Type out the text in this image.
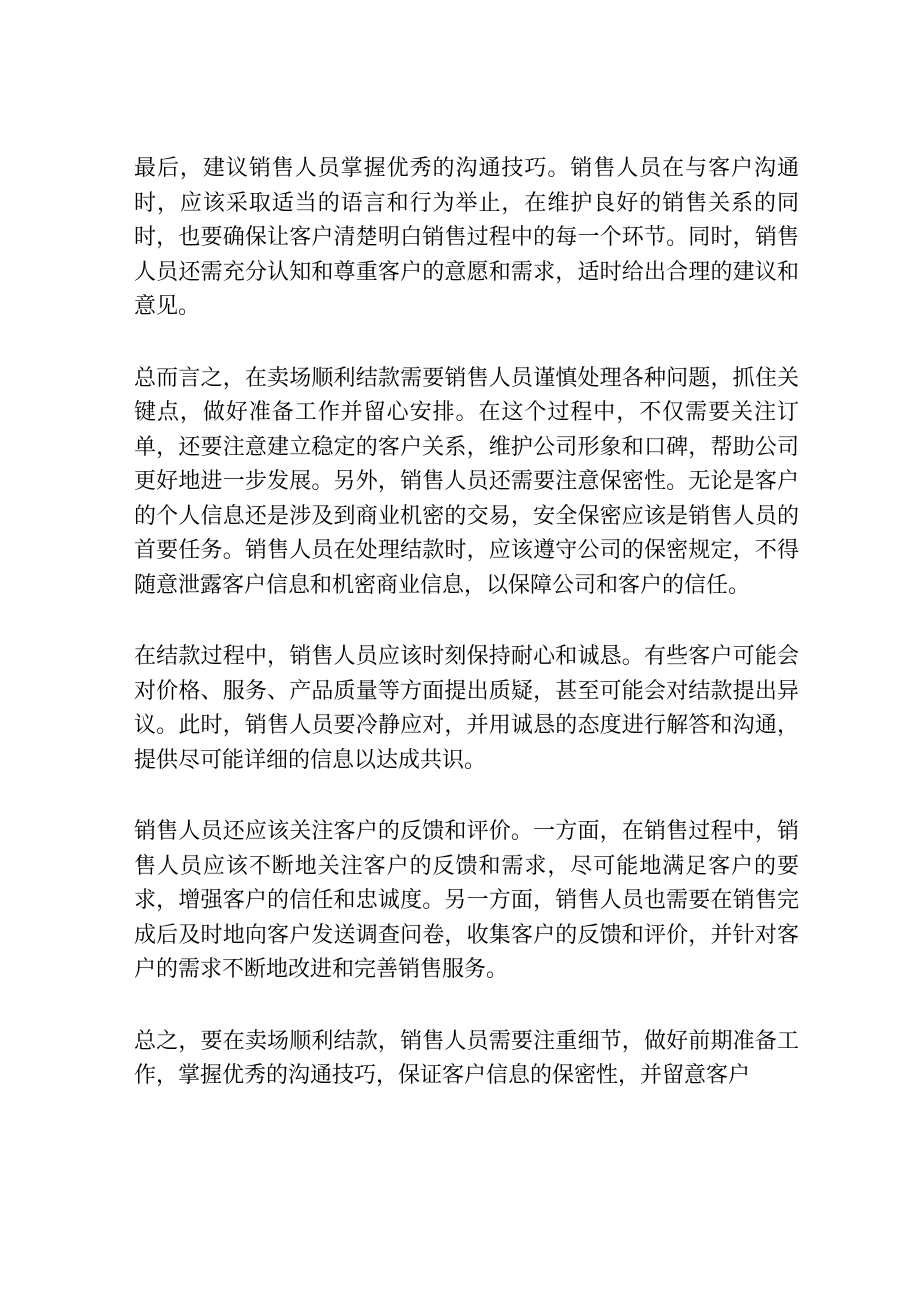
最后，建议销售人员掌握优秀的沟通技巧。销售人员在与客户沟通时，应该采取适当的语言和行为举止，在维护良好的销售关系的同时，也要确保让客户清楚明白销售过程中的每一个环节。同时，销售人员还需充分认知和尊重客户的意愿和需求，适时给出合理的建议和意见。

总而言之，在卖场顺利结款需要销售人员谨慎处理各种问题，抓住关键点，做好准备工作并留心安排。在这个过程中，不仅需要关注订单，还要注意建立稳定的客户关系，维护公司形象和口碑，帮助公司更好地进一步发展。另外，销售人员还需要注意保密性。无论是客户的个人信息还是涉及到商业机密的交易，安全保密应该是销售人员的首要任务。销售人员在处理结款时，应该遵守公司的保密规定，不得随意泄露客户信息和机密商业信息，以保障公司和客户的信任。

在结款过程中，销售人员应该时刻保持耐心和诚恳。有些客户可能会对价格、服务、产品质量等方面提出质疑，甚至可能会对结款提出异议。此时，销售人员要冷静应对，并用诚恳的态度进行解答和沟通，提供尽可能详细的信息以达成共识。

销售人员还应该关注客户的反馈和评价。一方面，在销售过程中，销售人员应该不断地关注客户的反馈和需求，尽可能地满足客户的要求，增强客户的信任和忠诚度。另一方面，销售人员也需要在销售完成后及时地向客户发送调查问卷，收集客户的反馈和评价，并针对客户的需求不断地改进和完善销售服务。

总之，要在卖场顺利结款，销售人员需要注重细节，做好前期准备工作，掌握优秀的沟通技巧，保证客户信息的保密性，并留意客户
